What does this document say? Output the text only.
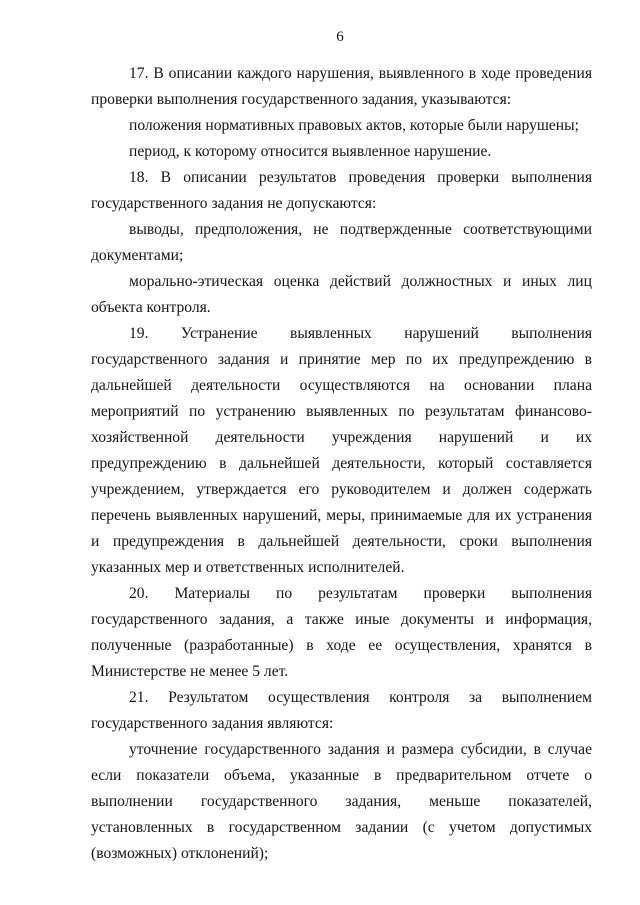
6

17. В описании каждого нарушения, выявленного в ходе проведения проверки выполнения государственного задания, указываются:

положения нормативных правовых актов, которые были нарушены;

период, к которому относится выявленное нарушение.

18. В описании результатов проведения проверки выполнения государственного задания не допускаются:

выводы, предположения, не подтвержденные соответствующими документами;

морально-этическая оценка действий должностных и иных лиц объекта контроля.

19. Устранение выявленных нарушений выполнения государственного задания и принятие мер по их предупреждению в дальнейшей деятельности осуществляются на основании плана мероприятий по устранению выявленных по результатам финансово-хозяйственной деятельности учреждения нарушений и их предупреждению в дальнейшей деятельности, который составляется учреждением, утверждается его руководителем и должен содержать перечень выявленных нарушений, меры, принимаемые для их устранения и предупреждения в дальнейшей деятельности, сроки выполнения указанных мер и ответственных исполнителей.

20. Материалы по результатам проверки выполнения государственного задания, а также иные документы и информация, полученные (разработанные) в ходе ее осуществления, хранятся в Министерстве не менее 5 лет.

21. Результатом осуществления контроля за выполнением государственного задания являются:

уточнение государственного задания и размера субсидии, в случае если показатели объема, указанные в предварительном отчете о выполнении государственного задания, меньше показателей, установленных в государственном задании (с учетом допустимых (возможных) отклонений);
